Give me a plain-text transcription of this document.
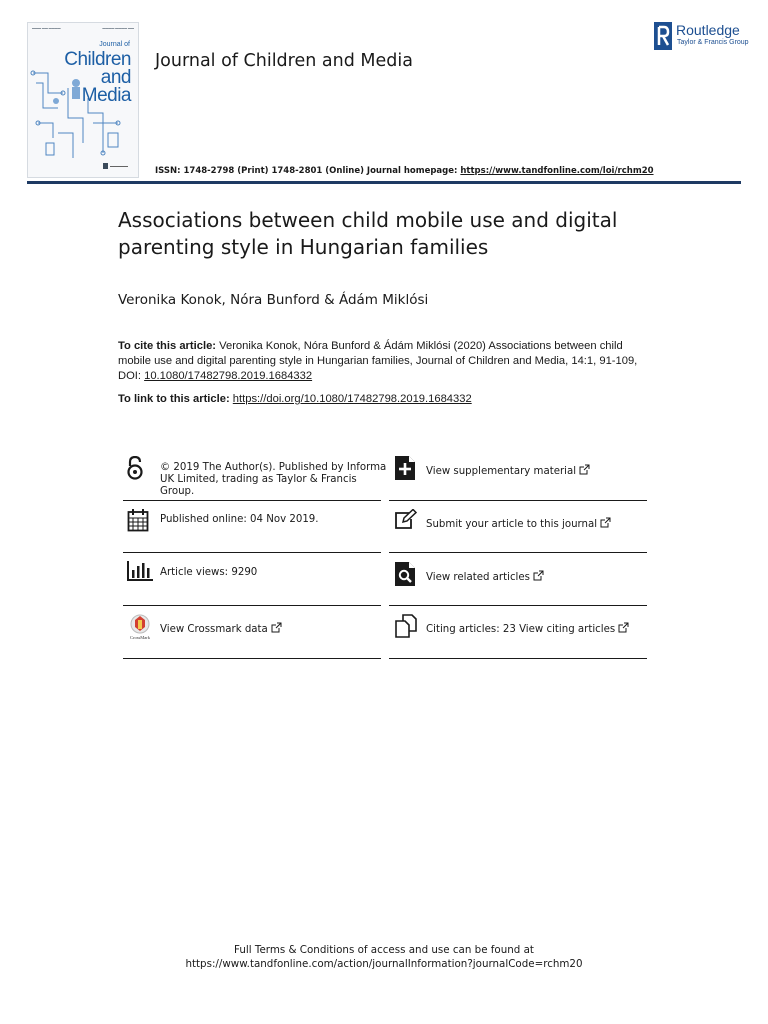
▬▬▬ ▬▬ ▬▬▬▬	▬▬▬▬ ▬▬▬▬ ▬▬
Journal of
Children
and
Media
▬▬▬▬▬▬
Journal of Children and Media
Routledge
Taylor & Francis Group
ISSN: 1748-2798 (Print) 1748-2801 (Online) Journal homepage: https://www.tandfonline.com/loi/rchm20
Associations between child mobile use and digital
parenting style in Hungarian families
Veronika Konok, Nóra Bunford & Ádám Miklósi
To cite this article: Veronika Konok, Nóra Bunford & Ádám Miklósi (2020) Associations between child mobile use and digital parenting style in Hungarian families, Journal of Children and Media, 14:1, 91-109, DOI: 10.1080/17482798.2019.1684332
To link to this article: https://doi.org/10.1080/17482798.2019.1684332
© 2019 The Author(s). Published by Informa
UK Limited, trading as Taylor & Francis
Group.
Published online: 04 Nov 2019.
Article views: 9290
CrossMark
View Crossmark data
View supplementary material
Submit your article to this journal
View related articles
Citing articles: 23 View citing articles
Full Terms & Conditions of access and use can be found at
https://www.tandfonline.com/action/journalInformation?journalCode=rchm20
